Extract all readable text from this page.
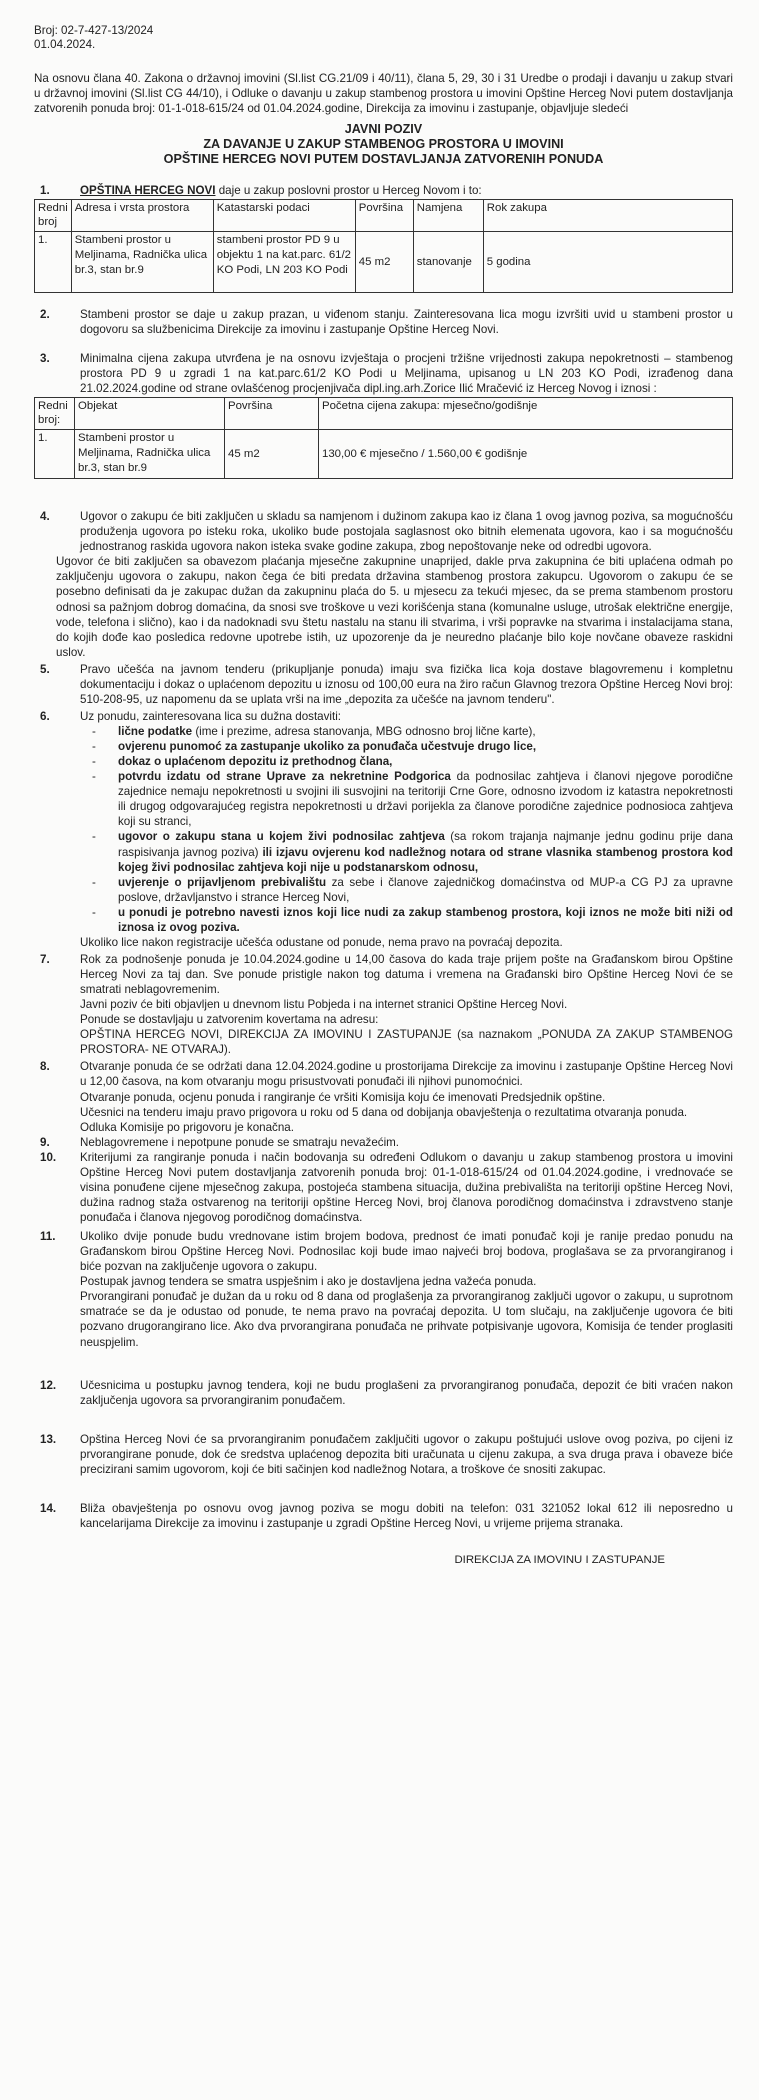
Broj: 02-7-427-13/2024

01.04.2024.

Na osnovu člana 40. Zakona o državnoj imovini (Sl.list CG.21/09 i 40/11), člana 5, 29, 30 i 31 Uredbe o prodaji i davanju u zakup stvari u državnoj imovini (Sl.list CG 44/10), i Odluke o davanju u zakup stambenog prostora u imovini Opštine Herceg Novi putem dostavljanja zatvorenih ponuda broj: 01-1-018-615/24 od 01.04.2024.godine, Direkcija za imovinu i zastupanje, objavljuje sledeći

JAVNI POZIV

ZA DAVANJE U ZAKUP STAMBENOG PROSTORA U IMOVINI

OPŠTINE HERCEG NOVI PUTEM DOSTAVLJANJA ZATVORENIH PONUDA

1.	OPŠTINA HERCEG NOVI daje u zakup poslovni prostor u Herceg Novom i to:
Redni broj	Adresa i vrsta prostora	Katastarski podaci	Površina	Namjena	Rok zakupa
1.	Stambeni prostor u Meljinama, Radnička ulica br.3, stan br.9	stambeni prostor PD 9 u objektu 1 na kat.parc. 61/2 KO Podi, LN 203 KO Podi	45 m2	stanovanje	5 godina
2.	Stambeni prostor se daje u zakup prazan, u viđenom stanju. Zainteresovana lica mogu izvršiti uvid u stambeni prostor u dogovoru sa službenicima Direkcije za imovinu i zastupanje Opštine Herceg Novi.
3.	Minimalna cijena zakupa utvrđena je na osnovu izvještaja o procjeni tržišne vrijednosti zakupa nepokretnosti – stambenog prostora PD 9 u zgradi 1 na kat.parc.61/2 KO Podi u Meljinama, upisanog u LN 203 KO Podi, izrađenog dana 21.02.2024.godine od strane ovlašćenog procjenjivača dipl.ing.arh.Zorice Ilić Mračević iz Herceg Novog i iznosi :
Redni broj:	Objekat	Površina	Početna cijena zakupa: mjesečno/godišnje
1.	Stambeni prostor u Meljinama, Radnička ulica br.3, stan br.9	45 m2	130,00 € mjesečno / 1.560,00 € godišnje
4.	Ugovor o zakupu će biti zaključen u skladu sa namjenom i dužinom zakupa kao iz člana 1 ovog javnog poziva, sa mogućnošću produženja ugovora po isteku roka, ukoliko bude postojala saglasnost oko bitnih elemenata ugovora, kao i sa mogućnošću jednostranog raskida ugovora nakon isteka svake godine zakupa, zbog nepoštovanje neke od odredbi ugovora.

Ugovor će biti zaključen sa obavezom plaćanja mjesečne zakupnine unaprijed, dakle prva zakupnina će biti uplaćena odmah po zaključenju ugovora o zakupu, nakon čega će biti predata državina stambenog prostora zakupcu. Ugovorom o zakupu će se posebno definisati da je zakupac dužan da zakupninu plaća do 5. u mjesecu za tekući mjesec, da se prema stambenom prostoru odnosi sa pažnjom dobrog domaćina, da snosi sve troškove u vezi korišćenja stana (komunalne usluge, utrošak električne energije, vode, telefona i slično), kao i da nadoknadi svu štetu nastalu na stanu ili stvarima, i vrši popravke na stvarima i instalacijama stana, do kojih dođe kao posledica redovne upotrebe istih, uz upozorenje da je neuredno plaćanje bilo koje novčane obaveze raskidni uslov.

5.	Pravo učešća na javnom tenderu (prikupljanje ponuda) imaju sva fizička lica koja dostave blagovremenu i kompletnu dokumentaciju i dokaz o uplaćenom depozitu u iznosu od 100,00 eura na žiro račun Glavnog trezora Opštine Herceg Novi broj: 510-208-95, uz napomenu da se uplata vrši na ime „depozita za učešće na javnom tenderu".
6.	Uz ponudu, zainteresovana lica su dužna dostaviti:
-	lične podatke (ime i prezime, adresa stanovanja, MBG odnosno broj lične karte),
-	ovjerenu punomoć za zastupanje ukoliko za ponuđača učestvuje drugo lice,
-	dokaz o uplaćenom depozitu iz prethodnog člana,
-	potvrdu izdatu od strane Uprave za nekretnine Podgorica da podnosilac zahtjeva i članovi njegove porodične zajednice nemaju nepokretnosti u svojini ili susvojini na teritoriji Crne Gore, odnosno izvodom iz katastra nepokretnosti ili drugog odgovarajućeg registra nepokretnosti u državi porijekla za članove porodične zajednice podnosioca zahtjeva koji su stranci,
-	ugovor o zakupu stana u kojem živi podnosilac zahtjeva (sa rokom trajanja najmanje jednu godinu prije dana raspisivanja javnog poziva) ili izjavu ovjerenu kod nadležnog notara od strane vlasnika stambenog prostora kod kojeg živi podnosilac zahtjeva koji nije u podstanarskom odnosu,
-	uvjerenje o prijavljenom prebivalištu za sebe i članove zajedničkog domaćinstva od MUP-a CG PJ za upravne poslove, državljanstvo i strance Herceg Novi,
-	u ponudi je potrebno navesti iznos koji lice nudi za zakup stambenog prostora, koji iznos ne može biti niži od iznosa iz ovog poziva.

Ukoliko lice nakon registracije učešća odustane od ponude, nema pravo na povraćaj depozita.

7.	Rok za podnošenje ponuda je 10.04.2024.godine u 14,00 časova do kada traje prijem pošte na Građanskom birou Opštine Herceg Novi za taj dan. Sve ponude pristigle nakon tog datuma i vremena na Građanski biro Opštine Herceg Novi će se smatrati neblagovremenim.

Javni poziv će biti objavljen u dnevnom listu Pobjeda i na internet stranici Opštine Herceg Novi.

Ponude se dostavljaju u zatvorenim kovertama na adresu:

OPŠTINA HERCEG NOVI, DIREKCIJA ZA IMOVINU I ZASTUPANJE (sa naznakom „PONUDA ZA ZAKUP STAMBENOG PROSTORA- NE OTVARAJ).

8.	Otvaranje ponuda će se održati dana 12.04.2024.godine u prostorijama Direkcije za imovinu i zastupanje Opštine Herceg Novi u 12,00 časova, na kom otvaranju mogu prisustvovati ponuđači ili njihovi punomoćnici.

Otvaranje ponuda, ocjenu ponuda i rangiranje će vršiti Komisija koju će imenovati Predsjednik opštine.

Učesnici na tenderu imaju pravo prigovora u roku od 5 dana od dobijanja obavještenja o rezultatima otvaranja ponuda.

Odluka Komisije po prigovoru je konačna.

9.	Neblagovremene i nepotpune ponude se smatraju nevažećim.
10.	Kriterijumi za rangiranje ponuda i način bodovanja su određeni Odlukom o davanju u zakup stambenog prostora u imovini Opštine Herceg Novi putem dostavljanja zatvorenih ponuda broj: 01-1-018-615/24 od 01.04.2024.godine, i vrednovaće se visina ponuđene cijene mjesečnog zakupa, postojeća stambena situacija, dužina prebivališta na teritoriji opštine Herceg Novi, dužina radnog staža ostvarenog na teritoriji opštine Herceg Novi, broj članova porodičnog domaćinstva i zdravstveno stanje ponuđača i članova njegovog porodičnog domaćinstva.
11.	Ukoliko dvije ponude budu vrednovane istim brojem bodova, prednost će imati ponuđač koji je ranije predao ponudu na Građanskom birou Opštine Herceg Novi. Podnosilac koji bude imao najveći broj bodova, proglašava se za prvorangiranog i biće pozvan na zaključenje ugovora o zakupu.

Postupak javnog tendera se smatra uspješnim i ako je dostavljena jedna važeća ponuda.

Prvorangirani ponuđač je dužan da u roku od 8 dana od proglašenja za prvorangiranog zaključi ugovor o zakupu, u suprotnom smatraće se da je odustao od ponude, te nema pravo na povraćaj depozita. U tom slučaju, na zaključenje ugovora će biti pozvano drugorangirano lice. Ako dva prvorangirana ponuđača ne prihvate potpisivanje ugovora, Komisija će tender proglasiti neuspjelim.

12.	Učesnicima u postupku javnog tendera, koji ne budu proglašeni za prvorangiranog ponuđača, depozit će biti vraćen nakon zaključenja ugovora sa prvorangiranim ponuđačem.
13.	Opština Herceg Novi će sa prvorangiranim ponuđačem zaključiti ugovor o zakupu poštujući uslove ovog poziva, po cijeni iz prvorangirane ponude, dok će sredstva uplaćenog depozita biti uračunata u cijenu zakupa, a sva druga prava i obaveze biće precizirani samim ugovorom, koji će biti sačinjen kod nadležnog Notara, a troškove će snositi zakupac.
14.	Bliža obavještenja po osnovu ovog javnog poziva se mogu dobiti na telefon: 031 321052 lokal 612 ili neposredno u kancelarijama Direkcije za imovinu i zastupanje u zgradi Opštine Herceg Novi, u vrijeme prijema stranaka.

DIREKCIJA ZA IMOVINU I ZASTUPANJE
